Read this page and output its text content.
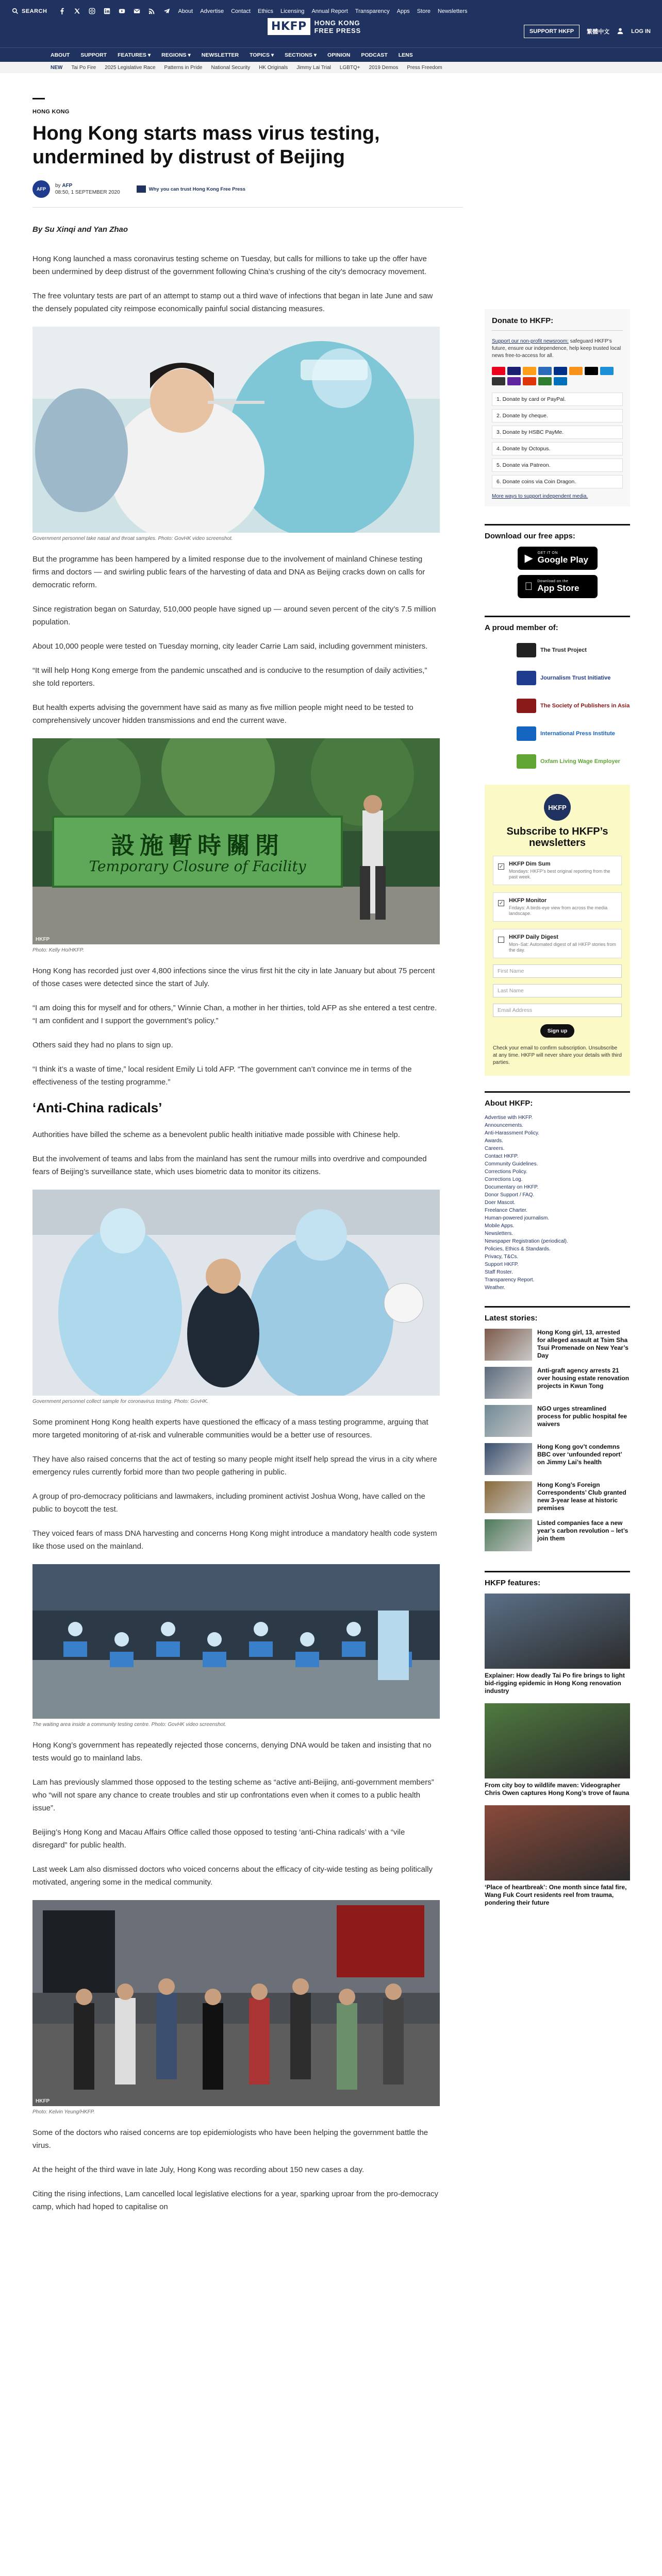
SEARCH	About Advertise Contact Ethics Licensing Annual Report Transparency Apps Store Newsletters
HKFP	HONG KONG
FREE PRESS	SUPPORT HKFP	繁體中文	LOG IN
ABOUT SUPPORT FEATURES ▾ REGIONS ▾ NEWSLETTER TOPICS ▾ SECTIONS ▾ OPINION PODCAST LENS
NEW Tai Po Fire 2025 Legislative Race Patterns in Pride National Security HK Originals Jimmy Lai Trial LGBTQ+ 2019 Demos Press Freedom
HONG KONG
Hong Kong starts mass virus testing, undermined by distrust of Beijing
AFP
by AFP
08:50, 1 SEPTEMBER 2020
Why you can trust Hong Kong Free Press
By Su Xinqi and Yan Zhao

Hong Kong launched a mass coronavirus testing scheme on Tuesday, but calls for millions to take up the offer have been undermined by deep distrust of the government following China’s crushing of the city’s democracy movement.

The free voluntary tests are part of an attempt to stamp out a third wave of infections that began in late June and saw the densely populated city reimpose economically painful social distancing measures.

Government personnel take nasal and throat samples. Photo: GovHK video screenshot.

But the programme has been hampered by a limited response due to the involvement of mainland Chinese testing firms and doctors — and swirling public fears of the harvesting of data and DNA as Beijing cracks down on calls for democratic reform.

Since registration began on Saturday, 510,000 people have signed up — around seven percent of the city’s 7.5 million population.

About 10,000 people were tested on Tuesday morning, city leader Carrie Lam said, including government ministers.

“It will help Hong Kong emerge from the pandemic unscathed and is conducive to the resumption of daily activities,” she told reporters.

But health experts advising the government have said as many as five million people might need to be tested to comprehensively uncover hidden transmissions and end the current wave.

設施暫時關閉
Temporary Closure of Facility
HKFP
Photo: Kelly Ho/HKFP.

Hong Kong has recorded just over 4,800 infections since the virus first hit the city in late January but about 75 percent of those cases were detected since the start of July.

“I am doing this for myself and for others,” Winnie Chan, a mother in her thirties, told AFP as she entered a test centre. “I am confident and I support the government’s policy.”

Others said they had no plans to sign up.

“I think it’s a waste of time,” local resident Emily Li told AFP. “The government can’t convince me in terms of the effectiveness of the testing programme.”

‘Anti-China radicals’

Authorities have billed the scheme as a benevolent public health initiative made possible with Chinese help.

But the involvement of teams and labs from the mainland has sent the rumour mills into overdrive and compounded fears of Beijing’s surveillance state, which uses biometric data to monitor its citizens.

Government personnel collect sample for coronavirus testing. Photo: GovHK.

Some prominent Hong Kong health experts have questioned the efficacy of a mass testing programme, arguing that more targeted monitoring of at-risk and vulnerable communities would be a better use of resources.

They have also raised concerns that the act of testing so many people might itself help spread the virus in a city where emergency rules currently forbid more than two people gathering in public.

A group of pro-democracy politicians and lawmakers, including prominent activist Joshua Wong, have called on the public to boycott the test.

They voiced fears of mass DNA harvesting and concerns Hong Kong might introduce a mandatory health code system like those used on the mainland.

The waiting area inside a community testing centre. Photo: GovHK video screenshot.

Hong Kong’s government has repeatedly rejected those concerns, denying DNA would be taken and insisting that no tests would go to mainland labs.

Lam has previously slammed those opposed to the testing scheme as “active anti-Beijing, anti-government members” who “will not spare any chance to create troubles and stir up confrontations even when it comes to a public health issue”.

Beijing’s Hong Kong and Macau Affairs Office called those opposed to testing ‘anti-China radicals’ with a “vile disregard” for public health.

Last week Lam also dismissed doctors who voiced concerns about the efficacy of city-wide testing as being politically motivated, angering some in the medical community.

HKFP
Photo: Kelvin Yeung/HKFP.

Some of the doctors who raised concerns are top epidemiologists who have been helping the government battle the virus.

At the height of the third wave in late July, Hong Kong was recording about 150 new cases a day.

Citing the rising infections, Lam cancelled local legislative elections for a year, sparking uproar from the pro-democracy camp, which had hoped to capitalise on

Donate to HKFP:
Support our non-profit newsroom: safeguard HKFP’s future, ensure our independence, help keep trusted local news free-to-access for all.
1. Donate by card or PayPal.
2. Donate by cheque.
3. Donate by HSBC PayMe.
4. Donate by Octopus.
5. Donate via Patreon.
6. Donate coins via Coin Dragon.
More ways to support independent media.
Download our free apps:
▶ GET IT ON
Google Play
Download on the
App Store
A proud member of:
The Trust Project
Journalism Trust Initiative
The Society of Publishers in Asia
International Press Institute
Oxfam Living Wage Employer
HKFP
Subscribe to HKFP’s newsletters
✓ HKFP Dim Sum
Mondays: HKFP’s best original reporting from the past week.
✓ HKFP Monitor
Fridays: A birds-eye view from across the media landscape.
HKFP Daily Digest
Mon–Sat: Automated digest of all HKFP stories from the day.
First Name
Last Name
Email Address
Sign up
Check your email to confirm subscription. Unsubscribe at any time. HKFP will never share your details with third parties.
About HKFP:
Advertise with HKFP.
Announcements.
Anti-Harassment Policy.
Awards.
Careers.
Contact HKFP.
Community Guidelines.
Corrections Policy.
Corrections Log.
Documentary on HKFP.
Donor Support / FAQ.
Doer Mascot.
Freelance Charter.
Human-powered journalism.
Mobile Apps.
Newsletters.
Newspaper Registration (periodical).
Policies, Ethics & Standards.
Privacy, T&Cs.
Support HKFP.
Staff Roster.
Transparency Report.
Weather.
Latest stories:
Hong Kong girl, 13, arrested for alleged assault at Tsim Sha Tsui Promenade on New Year’s Day
Anti-graft agency arrests 21 over housing estate renovation projects in Kwun Tong
NGO urges streamlined process for public hospital fee waivers
Hong Kong gov’t condemns BBC over ‘unfounded report’ on Jimmy Lai’s health
Hong Kong’s Foreign Correspondents’ Club granted new 3-year lease at historic premises
Listed companies face a new year’s carbon revolution – let’s join them
HKFP features:
Explainer: How deadly Tai Po fire brings to light bid-rigging epidemic in Hong Kong renovation industry
From city boy to wildlife maven: Videographer Chris Owen captures Hong Kong’s trove of fauna
‘Place of heartbreak’: One month since fatal fire, Wang Fuk Court residents reel from trauma, pondering their future
